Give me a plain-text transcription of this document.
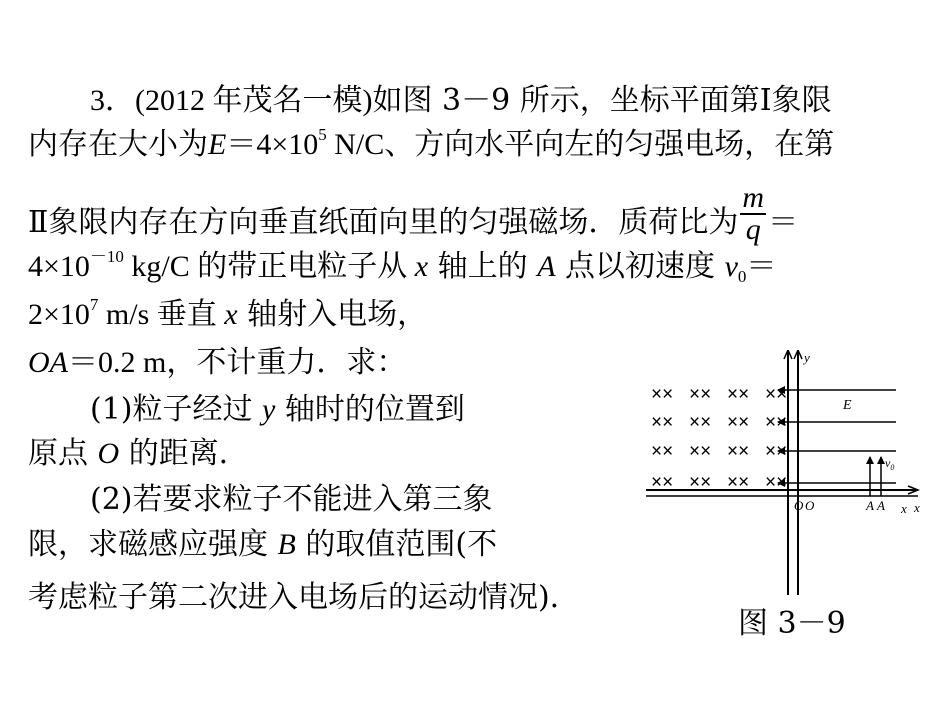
3．(2012 年茂名一模)如图 3－9 所示，坐标平面第Ⅰ象限
内存在大小为$E=4\times 10^5$ N/C、方向水平向左的匀强电场，在第
Ⅱ象限内存在方向垂直纸面向里的匀强磁场．质荷比为 $\frac{m}{q}$ ＝
$4\times 10^{-10}$ kg/C 的带正电粒子从 x 轴上的 A 点以初速度 $v_0=$
$2\times 10^7$ m/s 垂直 x 轴射入电场，
OA＝0.2 m，不计重力．求：
(1)粒子经过 y 轴时的位置到
原点 O 的距离．
(2)若要求粒子不能进入第三象
限，求磁感应强度 B 的取值范围(不
考虑粒子第二次进入电场后的运动情况)．
×× ×× ×× ××
×× ×× ×× ××
×× ×× ×× ××
×× ×× ×× ××
y
E
$v_0$
O O	A A x x
图 3－9
